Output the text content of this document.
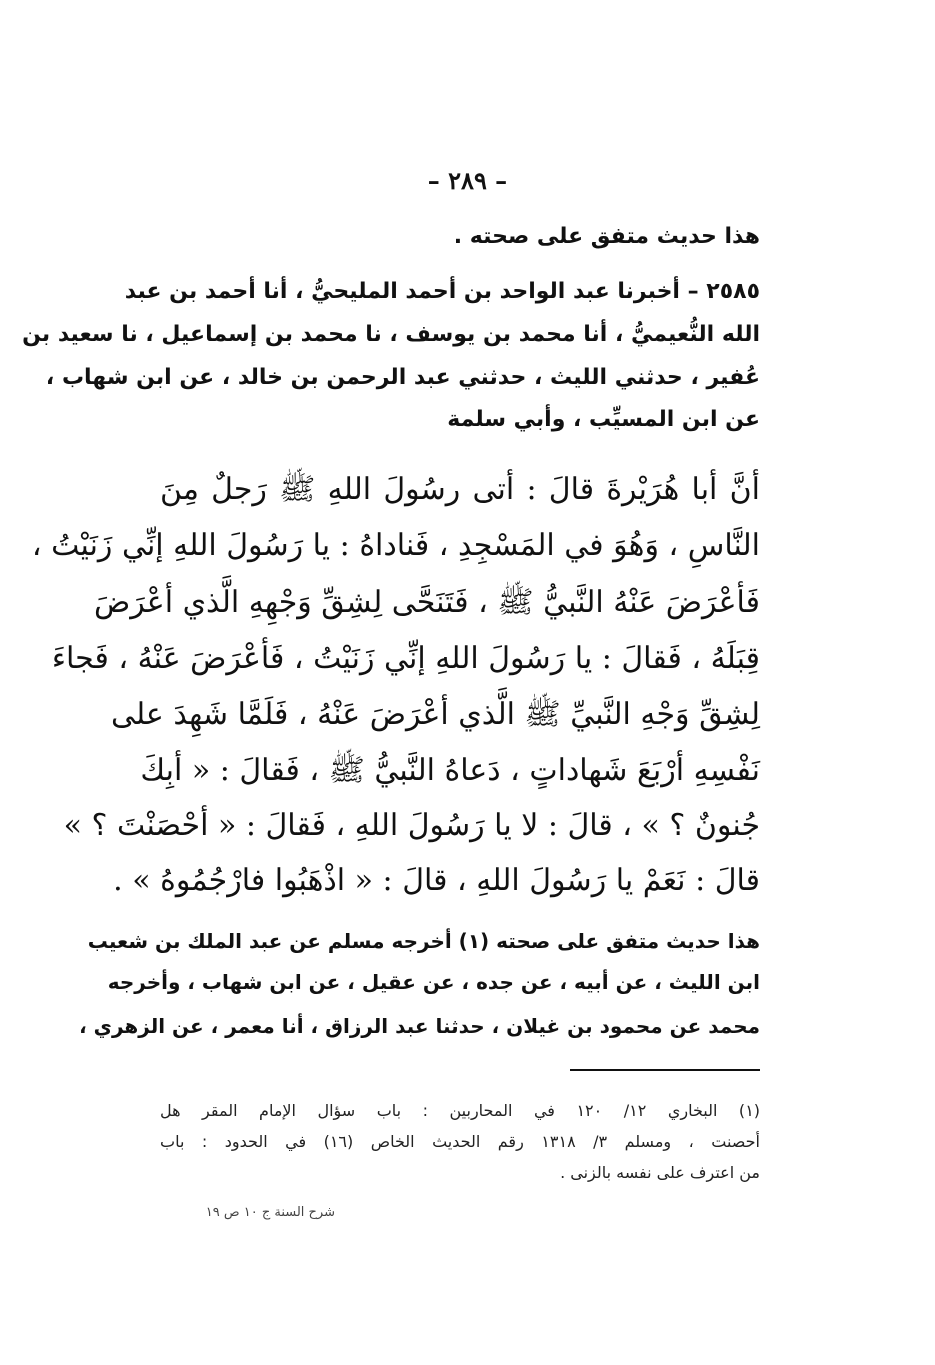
– ٢٨٩ –
هذا حديث متفق على صحته .
٢٥٨٥ – أخبرنا عبد الواحد بن أحمد المليحيُّ ، أنا أحمد بن عبد
الله النُّعيميُّ ، أنا محمد بن يوسف ، نا محمد بن إسماعيل ، نا سعيد بن
عُفير ، حدثني الليث ، حدثني عبد الرحمن بن خالد ، عن ابن شهاب ،
عن ابن المسيِّب ، وأبي سلمة
أنَّ أبا هُرَيْرةَ قالَ : أتى رسُولَ اللهِ ﷺ رَجلٌ مِنَ
النَّاسِ ، وَهُوَ في المَسْجِدِ ، فَناداهُ : يا رَسُولَ اللهِ إنِّي زَنَيْتُ ،
فَأعْرَضَ عَنْهُ النَّبيُّ ﷺ ، فَتَنَحَّى لِشِقِّ وَجْهِهِ الَّذي أعْرَضَ
قِبَلَهُ ، فَقالَ : يا رَسُولَ اللهِ إنِّي زَنَيْتُ ، فَأعْرَضَ عَنْهُ ، فَجاءَ
لِشِقِّ وَجْهِ النَّبيِّ ﷺ الَّذي أعْرَضَ عَنْهُ ، فَلَمَّا شَهِدَ على
نَفْسِهِ أرْبَعَ شَهاداتٍ ، دَعاهُ النَّبيُّ ﷺ ، فَقالَ : « أبِكَ
جُنونٌ ؟ » ، قالَ : لا يا رَسُولَ اللهِ ، فَقالَ : « أحْصَنْتَ ؟ »
قالَ : نَعَمْ يا رَسُولَ اللهِ ، قالَ : « اذْهَبُوا فارْجُمُوهُ » .
هذا حديث متفق على صحته (١) أخرجه مسلم عن عبد الملك بن شعيب
ابن الليث ، عن أبيه ، عن جده ، عن عقيل ، عن ابن شهاب ، وأخرجه
محمد عن محمود بن غيلان ، حدثنا عبد الرزاق ، أنا معمر ، عن الزهري ،
(١) البخاري ١٢/ ١٢٠ في المحاربين : باب سؤال الإمام المقر هل
أحصنت ، ومسلم ٣/ ١٣١٨ رقم الحديث الخاص (١٦) في الحدود : باب
من اعترف على نفسه بالزنى .
شرح السنة ج ١٠ ص ١٩
